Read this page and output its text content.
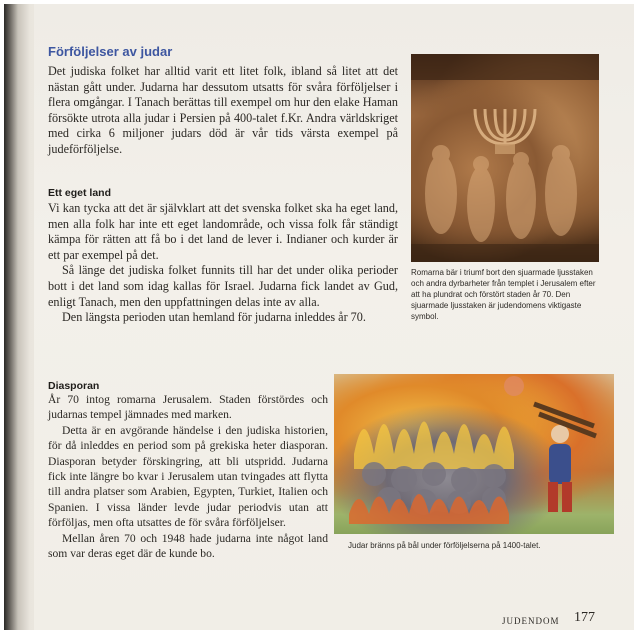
Förföljelser av judar

Det judiska folket har alltid varit ett litet folk, ibland så litet att det nästan gått under. Judarna har dessutom utsatts för svåra förföljelser i flera omgångar. I Tanach berättas till exempel om hur den elake Haman försökte utrota alla judar i Persien på 400-talet f.Kr. Andra världskriget med cirka 6 miljoner judars död är vår tids värsta exempel på judeförföljelse.

Ett eget land

Vi kan tycka att det är självklart att det svenska folket ska ha eget land, men alla folk har inte ett eget landområde, och vissa folk får ständigt kämpa för rätten att få bo i det land de lever i. Indianer och kurder är ett par exempel på det.

Så länge det judiska folket funnits till har det under olika perioder bott i det land som idag kallas för Israel. Judarna fick landet av Gud, enligt Tanach, men den uppfattningen delas inte av alla.

Den längsta perioden utan hemland för judarna inleddes år 70.

Romarna bär i triumf bort den sjuarmade ljusstaken och andra dyrbarheter från templet i Jerusalem efter att ha plundrat och förstört staden år 70. Den sjuarmade ljusstaken är judendomens viktigaste symbol.

Diasporan

År 70 intog romarna Jerusalem. Staden förstördes och judarnas tempel jämnades med marken.

Detta är en avgörande händelse i den judiska historien, för då inleddes en period som på grekiska heter diasporan. Diasporan betyder förskingring, att bli utspridd. Judarna fick inte längre bo kvar i Jerusalem utan tvingades att flytta till andra platser som Arabien, Egypten, Turkiet, Italien och Spanien. I vissa länder levde judar periodvis utan att förföljas, men ofta utsattes de för svåra förföljelser.

Mellan åren 70 och 1948 hade judarna inte något land som var deras eget där de kunde bo.

Judar bränns på bål under förföljelserna på 1400-talet.

JUDENDOM 177
